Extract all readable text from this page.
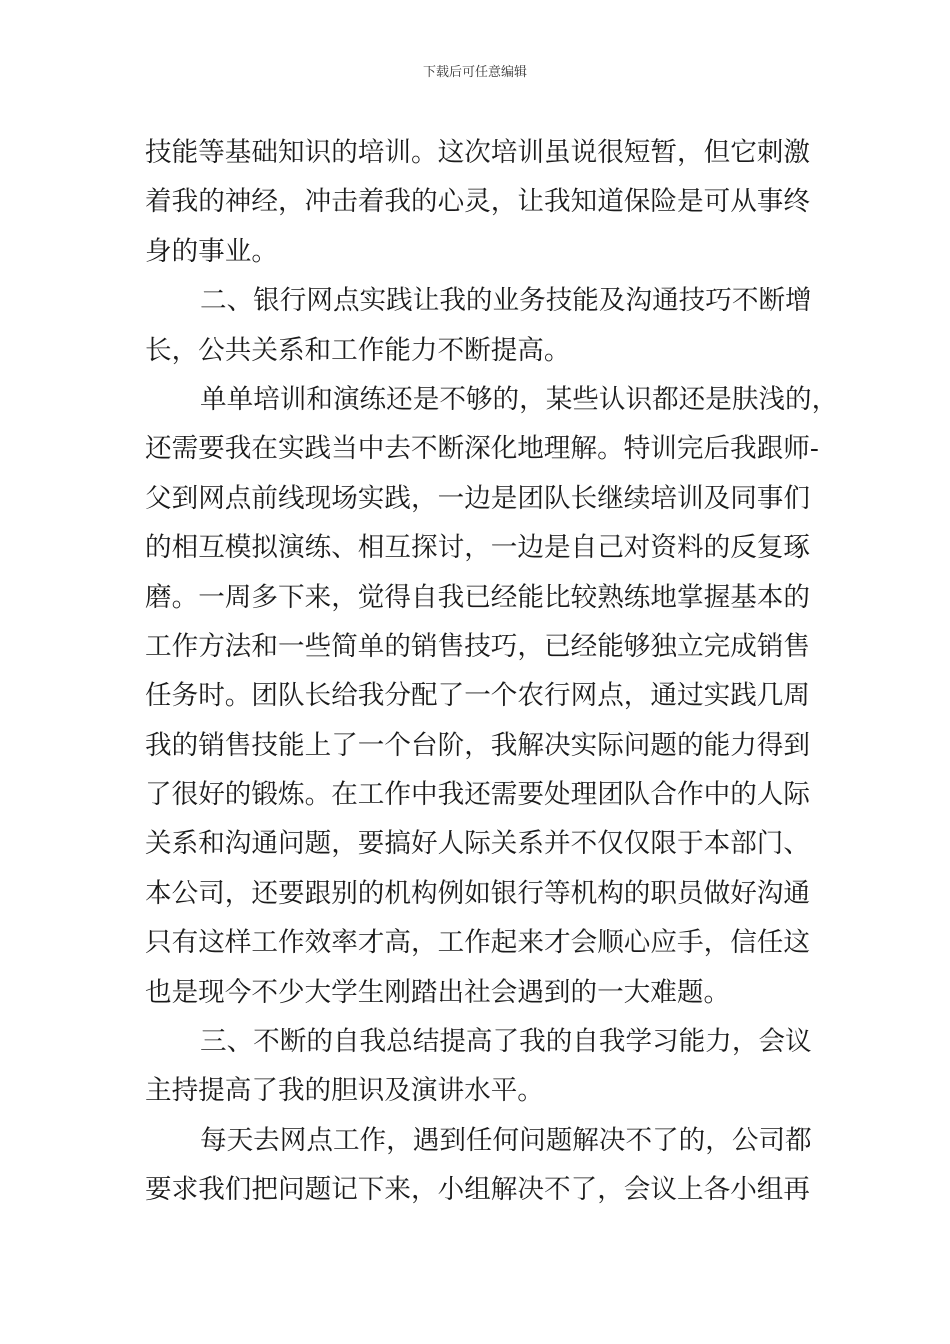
下载后可任意编辑
技能等基础知识的培训。这次培训虽说很短暂，但它刺激
着我的神经，冲击着我的心灵，让我知道保险是可从事终
身的事业。
二、银行网点实践让我的业务技能及沟通技巧不断增
长，公共关系和工作能力不断提高。
单单培训和演练还是不够的，某些认识都还是肤浅的，
还需要我在实践当中去不断深化地理解。特训完后我跟师-
父到网点前线现场实践，一边是团队长继续培训及同事们
的相互模拟演练、相互探讨，一边是自己对资料的反复琢
磨。一周多下来，觉得自我已经能比较熟练地掌握基本的
工作方法和一些简单的销售技巧，已经能够独立完成销售
任务时。团队长给我分配了一个农行网点，通过实践几周
我的销售技能上了一个台阶，我解决实际问题的能力得到
了很好的锻炼。在工作中我还需要处理团队合作中的人际
关系和沟通问题，要搞好人际关系并不仅仅限于本部门、
本公司，还要跟别的机构例如银行等机构的职员做好沟通
只有这样工作效率才高，工作起来才会顺心应手，信任这
也是现今不少大学生刚踏出社会遇到的一大难题。
三、不断的自我总结提高了我的自我学习能力，会议
主持提高了我的胆识及演讲水平。
每天去网点工作，遇到任何问题解决不了的，公司都
要求我们把问题记下来，小组解决不了，会议上各小组再
